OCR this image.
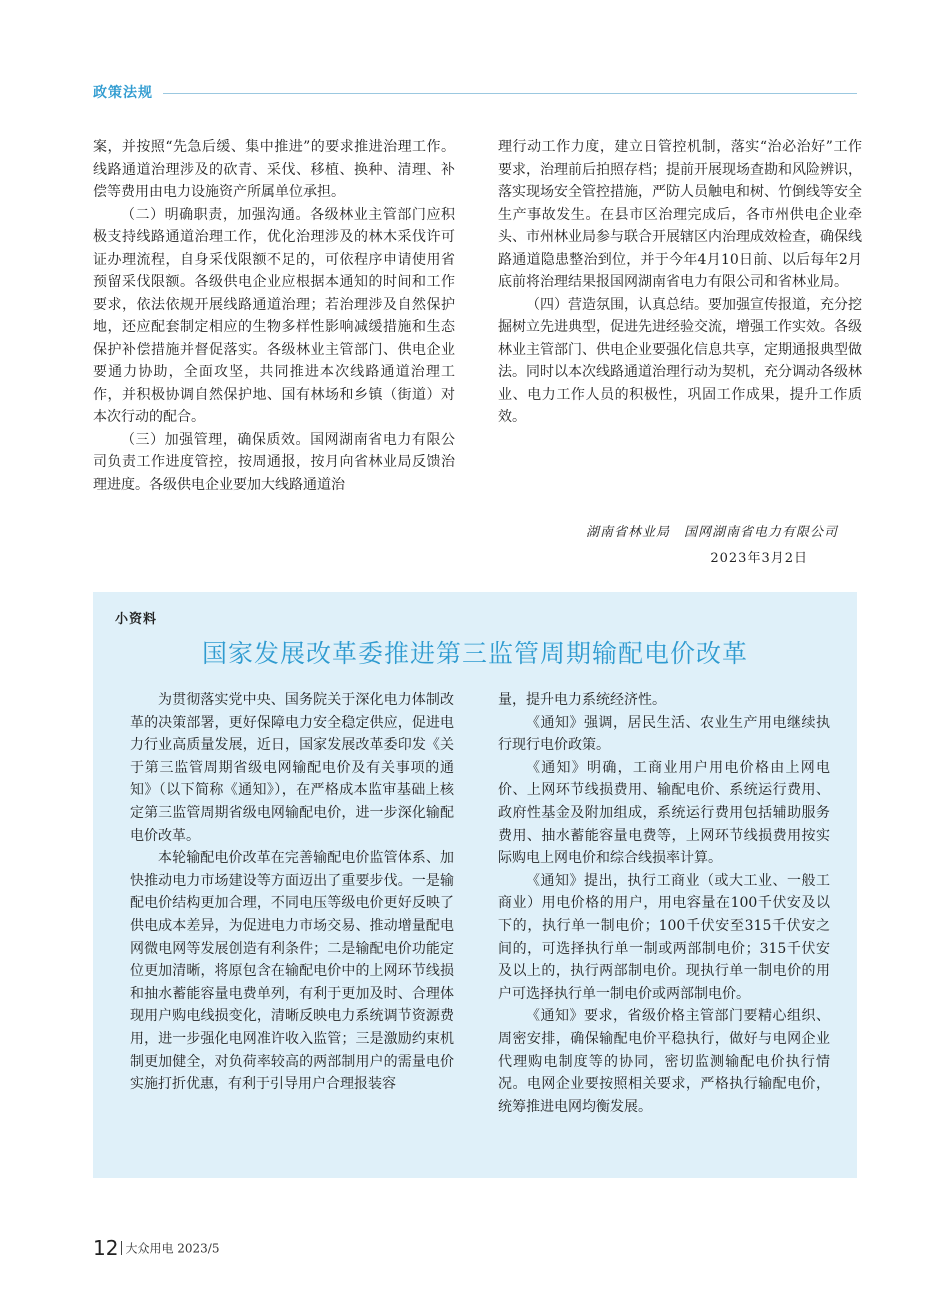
政策法规

案，并按照“先急后缓、集中推进”的要求推进治理工作。线路通道治理涉及的砍青、采伐、移植、换种、清理、补偿等费用由电力设施资产所属单位承担。

（二）明确职责，加强沟通。各级林业主管部门应积极支持线路通道治理工作，优化治理涉及的林木采伐许可证办理流程，自身采伐限额不足的，可依程序申请使用省预留采伐限额。各级供电企业应根据本通知的时间和工作要求，依法依规开展线路通道治理；若治理涉及自然保护地，还应配套制定相应的生物多样性影响减缓措施和生态保护补偿措施并督促落实。各级林业主管部门、供电企业要通力协助，全面攻坚，共同推进本次线路通道治理工作，并积极协调自然保护地、国有林场和乡镇（街道）对本次行动的配合。

（三）加强管理，确保质效。国网湖南省电力有限公司负责工作进度管控，按周通报，按月向省林业局反馈治理进度。各级供电企业要加大线路通道治

理行动工作力度，建立日管控机制，落实“治必治好”工作要求，治理前后拍照存档；提前开展现场查勘和风险辨识，落实现场安全管控措施，严防人员触电和树、竹倒线等安全生产事故发生。在县市区治理完成后，各市州供电企业牵头、市州林业局参与联合开展辖区内治理成效检查，确保线路通道隐患整治到位，并于今年4月10日前、以后每年2月底前将治理结果报国网湖南省电力有限公司和省林业局。

（四）营造氛围，认真总结。要加强宣传报道，充分挖掘树立先进典型，促进先进经验交流，增强工作实效。各级林业主管部门、供电企业要强化信息共享，定期通报典型做法。同时以本次线路通道治理行动为契机，充分调动各级林业、电力工作人员的积极性，巩固工作成果，提升工作质效。

湖南省林业局　国网湖南省电力有限公司
2023年3月2日
小资料
国家发展改革委推进第三监管周期输配电价改革

为贯彻落实党中央、国务院关于深化电力体制改革的决策部署，更好保障电力安全稳定供应，促进电力行业高质量发展，近日，国家发展改革委印发《关于第三监管周期省级电网输配电价及有关事项的通知》（以下简称《通知》），在严格成本监审基础上核定第三监管周期省级电网输配电价，进一步深化输配电价改革。

本轮输配电价改革在完善输配电价监管体系、加快推动电力市场建设等方面迈出了重要步伐。一是输配电价结构更加合理，不同电压等级电价更好反映了供电成本差异，为促进电力市场交易、推动增量配电网微电网等发展创造有利条件；二是输配电价功能定位更加清晰，将原包含在输配电价中的上网环节线损和抽水蓄能容量电费单列，有利于更加及时、合理体现用户购电线损变化，清晰反映电力系统调节资源费用，进一步强化电网准许收入监管；三是激励约束机制更加健全，对负荷率较高的两部制用户的需量电价实施打折优惠，有利于引导用户合理报装容

量，提升电力系统经济性。

《通知》强调，居民生活、农业生产用电继续执行现行电价政策。

《通知》明确，工商业用户用电价格由上网电价、上网环节线损费用、输配电价、系统运行费用、政府性基金及附加组成，系统运行费用包括辅助服务费用、抽水蓄能容量电费等，上网环节线损费用按实际购电上网电价和综合线损率计算。

《通知》提出，执行工商业（或大工业、一般工商业）用电价格的用户，用电容量在100千伏安及以下的，执行单一制电价；100千伏安至315千伏安之间的，可选择执行单一制或两部制电价；315千伏安及以上的，执行两部制电价。现执行单一制电价的用户可选择执行单一制电价或两部制电价。

《通知》要求，省级价格主管部门要精心组织、周密安排，确保输配电价平稳执行，做好与电网企业代理购电制度等的协同，密切监测输配电价执行情况。电网企业要按照相关要求，严格执行输配电价，统筹推进电网均衡发展。

12 大众用电 2023/5
